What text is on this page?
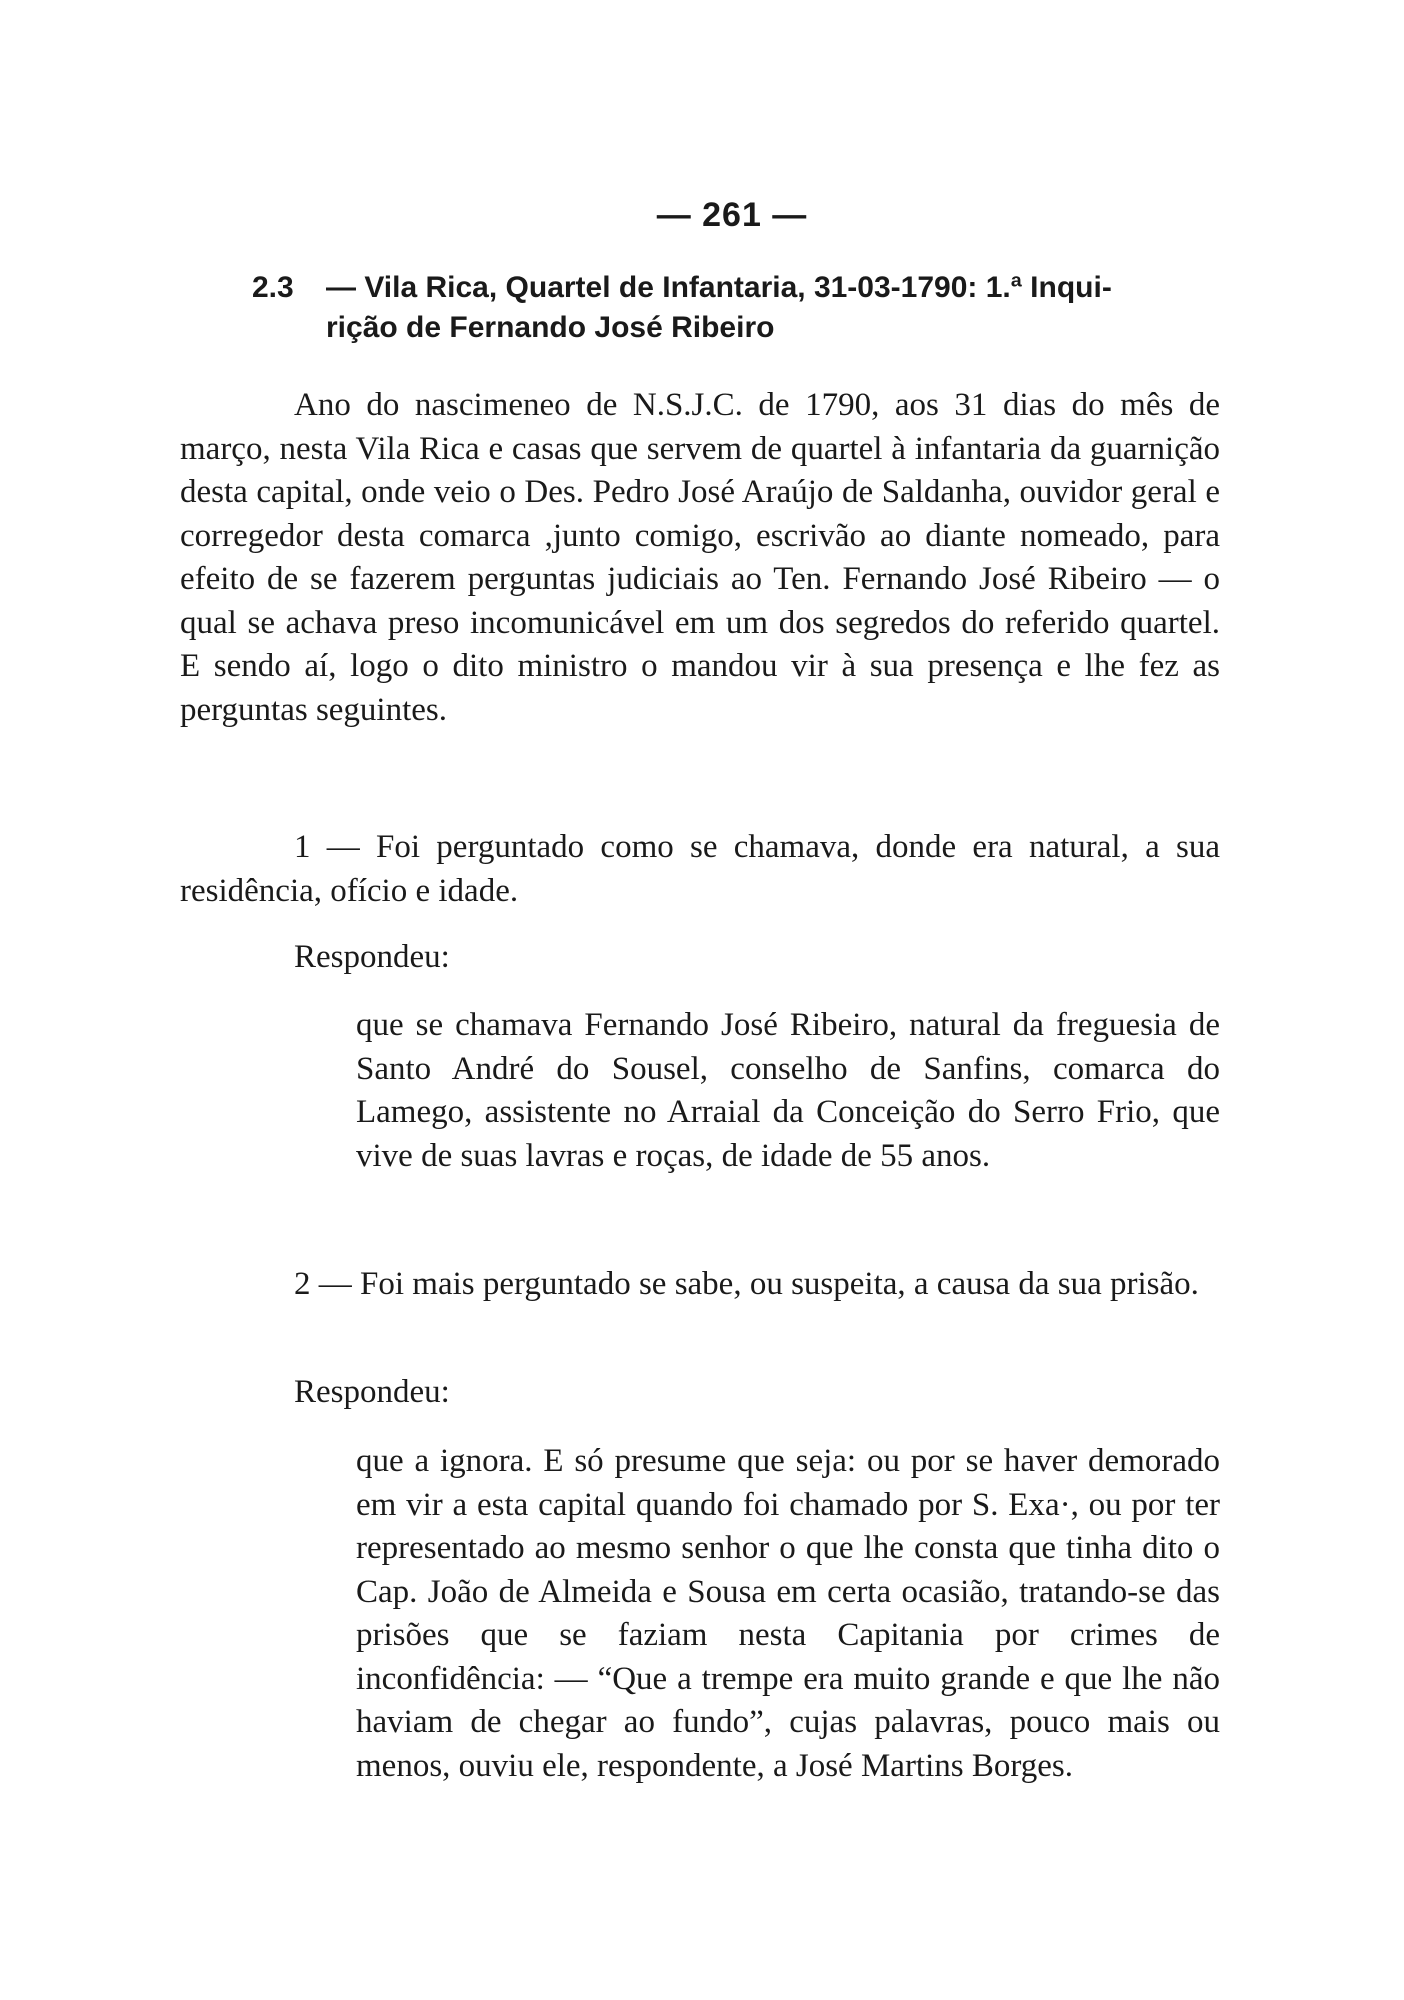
— 261 —
2.3	— Vila Rica, Quartel de Infantaria, 31-03-1790: 1.ª Inqui-
rição de Fernando José Ribeiro

Ano do nascimeneo de N.S.J.C. de 1790, aos 31 dias do mês de março, nesta Vila Rica e casas que servem de quartel à infantaria da guarnição desta capital, onde veio o Des. Pedro José Araújo de Saldanha, ouvidor geral e corregedor desta comarca ,junto comigo, escrivão ao diante nomeado, para efeito de se fazerem perguntas judiciais ao Ten. Fernando José Ribeiro — o qual se achava preso incomunicável em um dos segredos do referido quartel. E sendo aí, logo o dito ministro o mandou vir à sua presença e lhe fez as perguntas seguintes.

1 — Foi perguntado como se chamava, donde era natural, a sua residência, ofício e idade.

Respondeu:

que se chamava Fernando José Ribeiro, natural da freguesia de Santo André do Sousel, conselho de Sanfins, comarca do Lamego, assistente no Arraial da Conceição do Serro Frio, que vive de suas lavras e roças, de idade de 55 anos.

2 — Foi mais perguntado se sabe, ou suspeita, a causa da sua prisão.

Respondeu:

que a ignora. E só presume que seja: ou por se haver demorado em vir a esta capital quando foi chamado por S. Exa·, ou por ter representado ao mesmo senhor o que lhe consta que tinha dito o Cap. João de Almeida e Sousa em certa ocasião, tratando-se das prisões que se faziam nesta Capitania por crimes de inconfidência: — “Que a trempe era muito grande e que lhe não haviam de chegar ao fundo”, cujas palavras, pouco mais ou menos, ouviu ele, respondente, a José Martins Borges.
